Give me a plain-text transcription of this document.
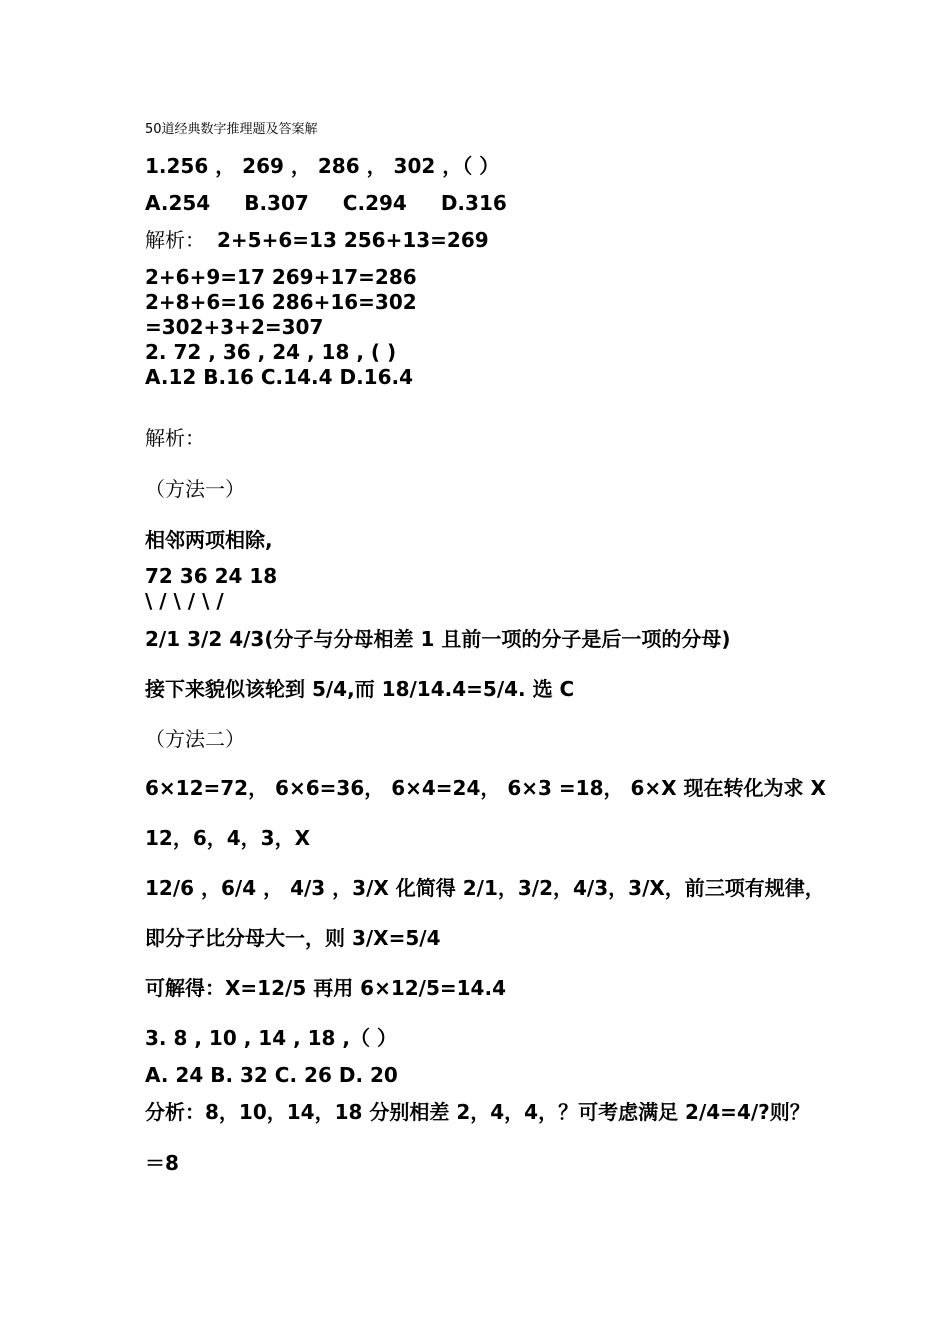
50道经典数字推理题及答案解
1.256 ， 269 ， 286 ， 302 ，（ ）
A.254 B.307 C.294 D.316
解析： 2+5+6=13 256+13=269
2+6+9=17 269+17=286
2+8+6=16 286+16=302
=302+3+2=307
2. 72 , 36 , 24 , 18 , ( )
A.12 B.16 C.14.4 D.16.4
解析：
（方法一）
相邻两项相除,
72 36 24 18
\ / \ / \ /
2/1 3/2 4/3(分子与分母相差 1 且前一项的分子是后一项的分母)
接下来貌似该轮到 5/4,而 18/14.4=5/4. 选 C
（方法二）
6×12=72， 6×6=36， 6×4=24， 6×3 =18， 6×X 现在转化为求 X
12，6，4，3，X
12/6 ，6/4 ， 4/3 ，3/X 化简得 2/1，3/2，4/3，3/X，前三项有规律，
即分子比分母大一，则 3/X=5/4
可解得：X=12/5 再用 6×12/5=14.4
3. 8 , 10 , 14 , 18 ,（ ）
A. 24 B. 32 C. 26 D. 20
分析：8，10，14，18 分别相差 2，4，4，？可考虑满足 2/4=4/?则？
＝8
